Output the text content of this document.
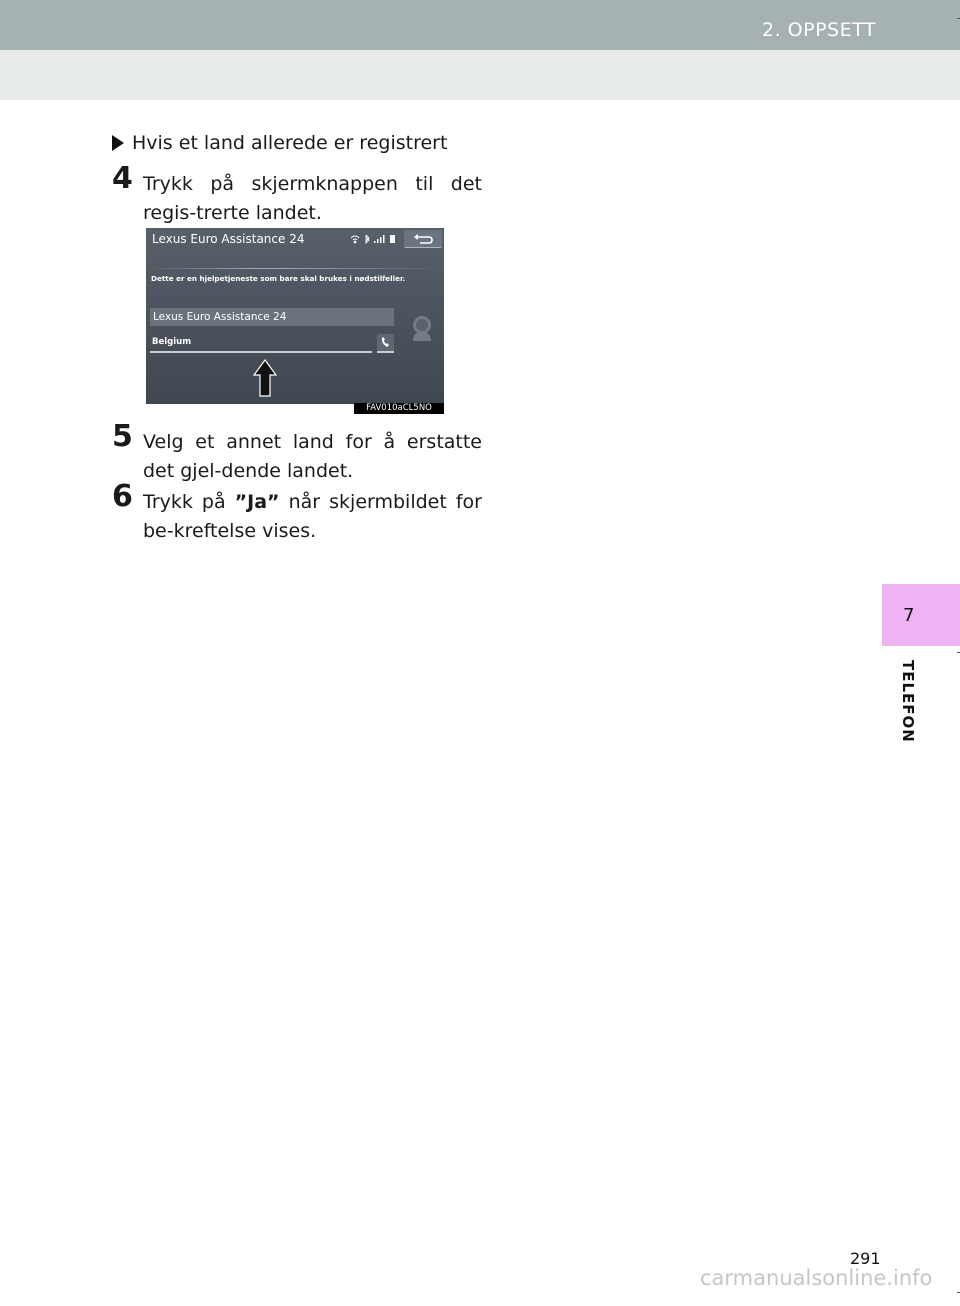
2. OPPSETT
Hvis et land allerede er registrert
4 Trykk på skjermknappen til det regis-trerte landet.
Lexus Euro Assistance 24
Dette er en hjelpetjeneste som bare skal brukes i nødstilfeller.
Lexus Euro Assistance 24
Belgium
FAV010aCL5NO
5 Velg et annet land for å erstatte det gjel-dende landet.
6 Trykk på ”Ja” når skjermbildet for be-kreftelse vises.
7
TELEFON
291
carmanualsonline.info
